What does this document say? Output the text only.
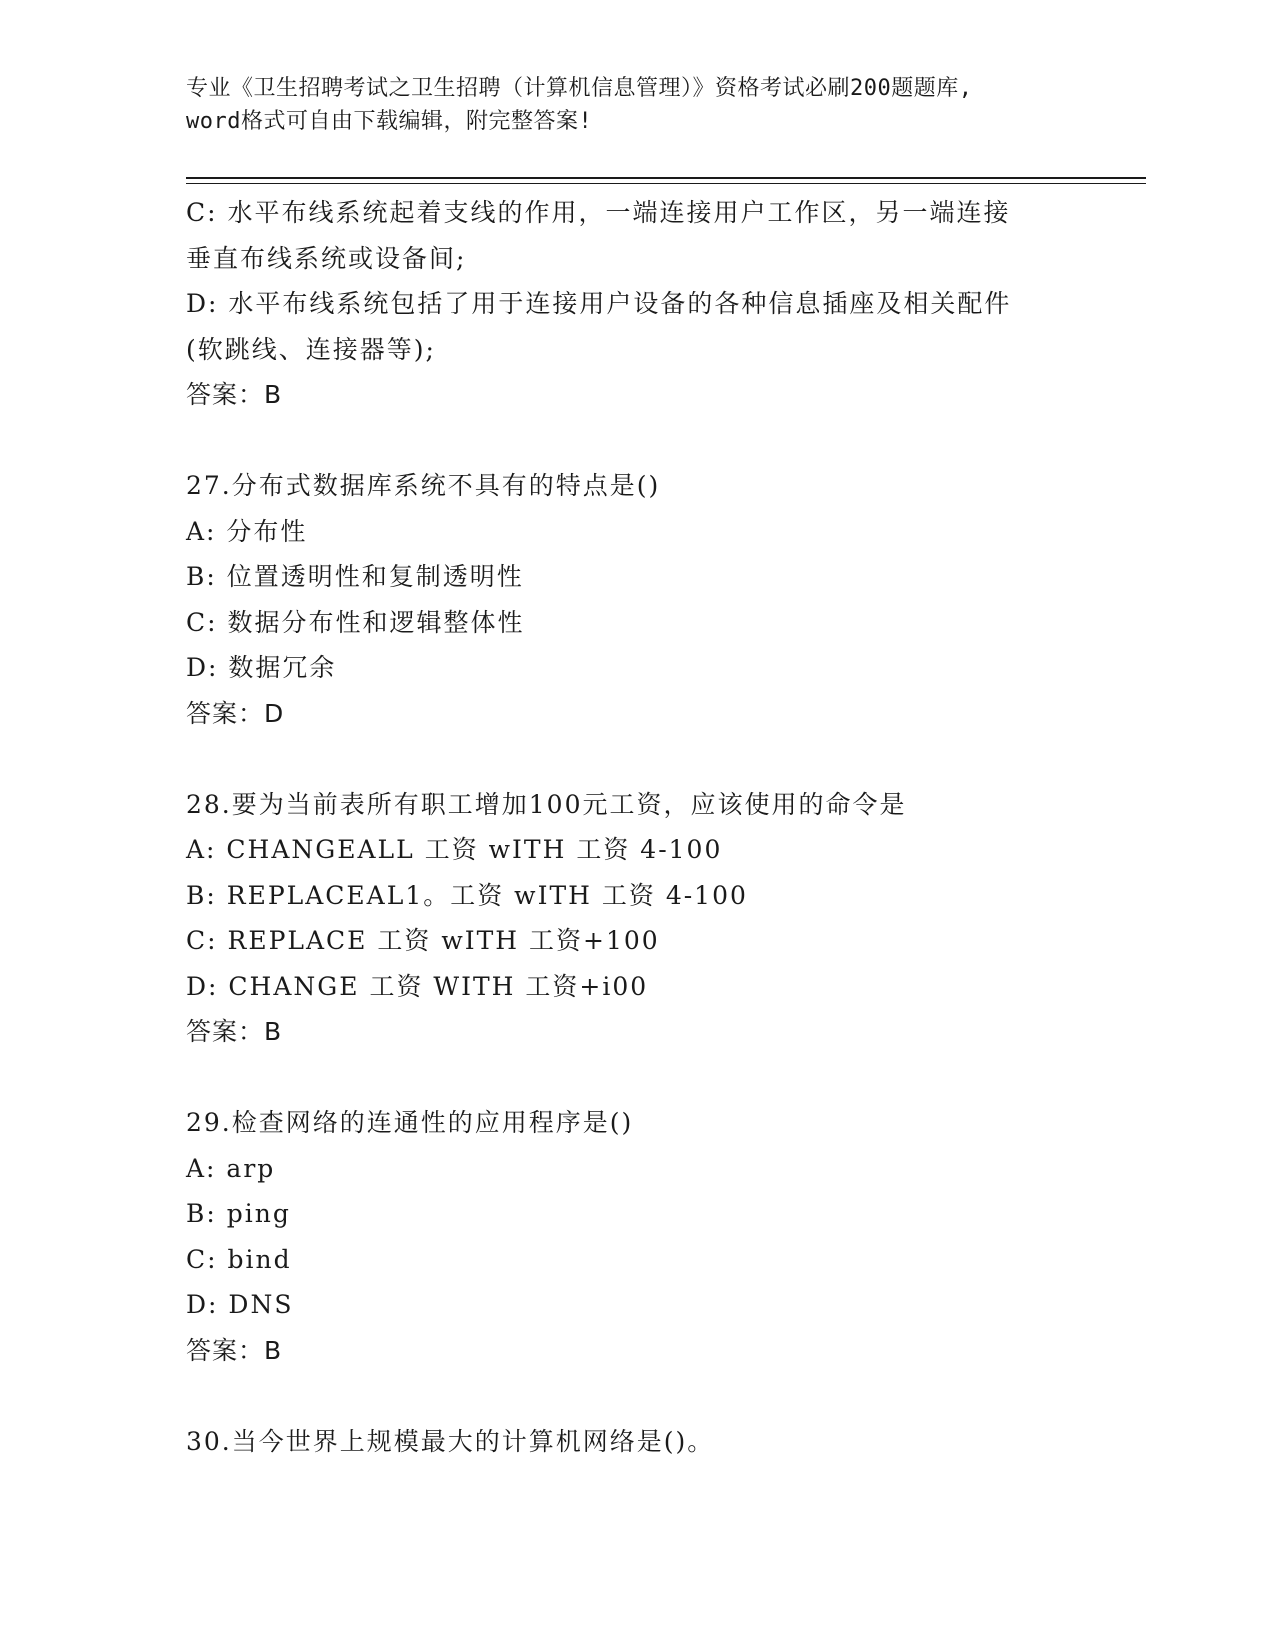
专业《卫生招聘考试之卫生招聘（计算机信息管理）》资格考试必刷200题题库,
word格式可自由下载编辑，附完整答案!
C: 水平布线系统起着支线的作用，一端连接用户工作区，另一端连接
垂直布线系统或设备间;
D: 水平布线系统包括了用于连接用户设备的各种信息插座及相关配件
(软跳线、连接器等);
答案：B
27.分布式数据库系统不具有的特点是()
A: 分布性
B: 位置透明性和复制透明性
C: 数据分布性和逻辑整体性
D: 数据冗余
答案：D
28.要为当前表所有职工增加100元工资，应该使用的命令是
A: CHANGEALL 工资 wITH 工资 4-100
B: REPLACEAL1。工资 wITH 工资 4-100
C: REPLACE 工资 wITH 工资+100
D: CHANGE 工资 WITH 工资+i00
答案：B
29.检查网络的连通性的应用程序是()
A: arp
B: ping
C: bind
D: DNS
答案：B
30.当今世界上规模最大的计算机网络是()。
